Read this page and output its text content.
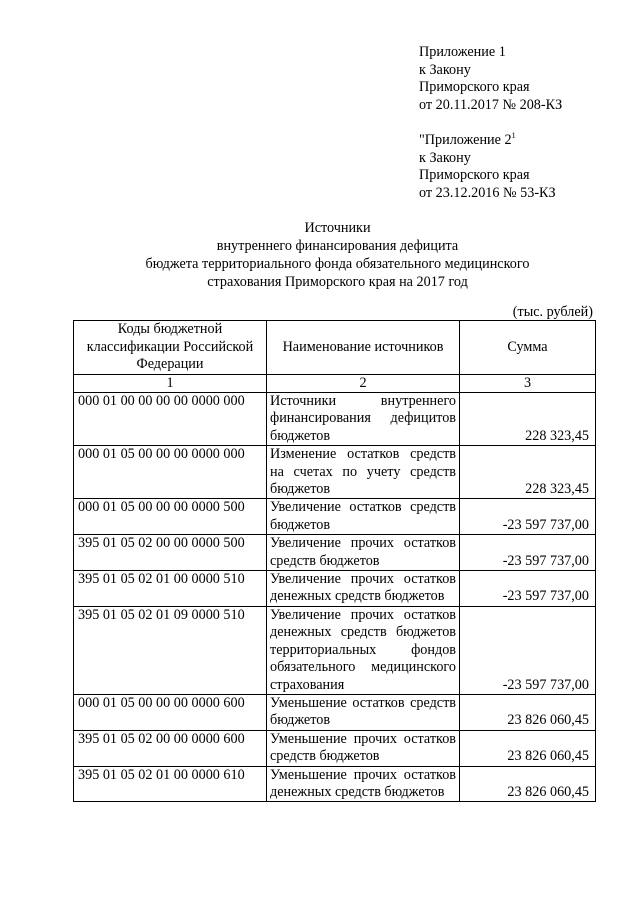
Приложение 1
к Закону
Приморского края
от 20.11.2017 № 208-КЗ
"Приложение $2^1$
к Закону
Приморского края
от 23.12.2016 № 53-КЗ
Источники
внутреннего финансирования дефицита
бюджета территориального фонда обязательного медицинского
страхования Приморского края на 2017 год
(тыс. рублей)
Коды бюджетной классификации Российской Федерации	Наименование источников	Сумма
1	2	3
000 01 00 00 00 00 0000 000	Источники внутреннего финансирования дефицитов бюджетов	228 323,45
000 01 05 00 00 00 0000 000	Изменение остатков средств на счетах по учету средств бюджетов	228 323,45
000 01 05 00 00 00 0000 500	Увеличение остатков средств бюджетов	-23 597 737,00
395 01 05 02 00 00 0000 500	Увеличение прочих остатков средств бюджетов	-23 597 737,00
395 01 05 02 01 00 0000 510	Увеличение прочих остатков денежных средств бюджетов	-23 597 737,00
395 01 05 02 01 09 0000 510	Увеличение прочих остатков денежных средств бюджетов территориальных фондов обязательного медицинского страхования	-23 597 737,00
000 01 05 00 00 00 0000 600	Уменьшение остатков средств бюджетов	23 826 060,45
395 01 05 02 00 00 0000 600	Уменьшение прочих остатков средств бюджетов	23 826 060,45
395 01 05 02 01 00 0000 610	Уменьшение прочих остатков денежных средств бюджетов	23 826 060,45
